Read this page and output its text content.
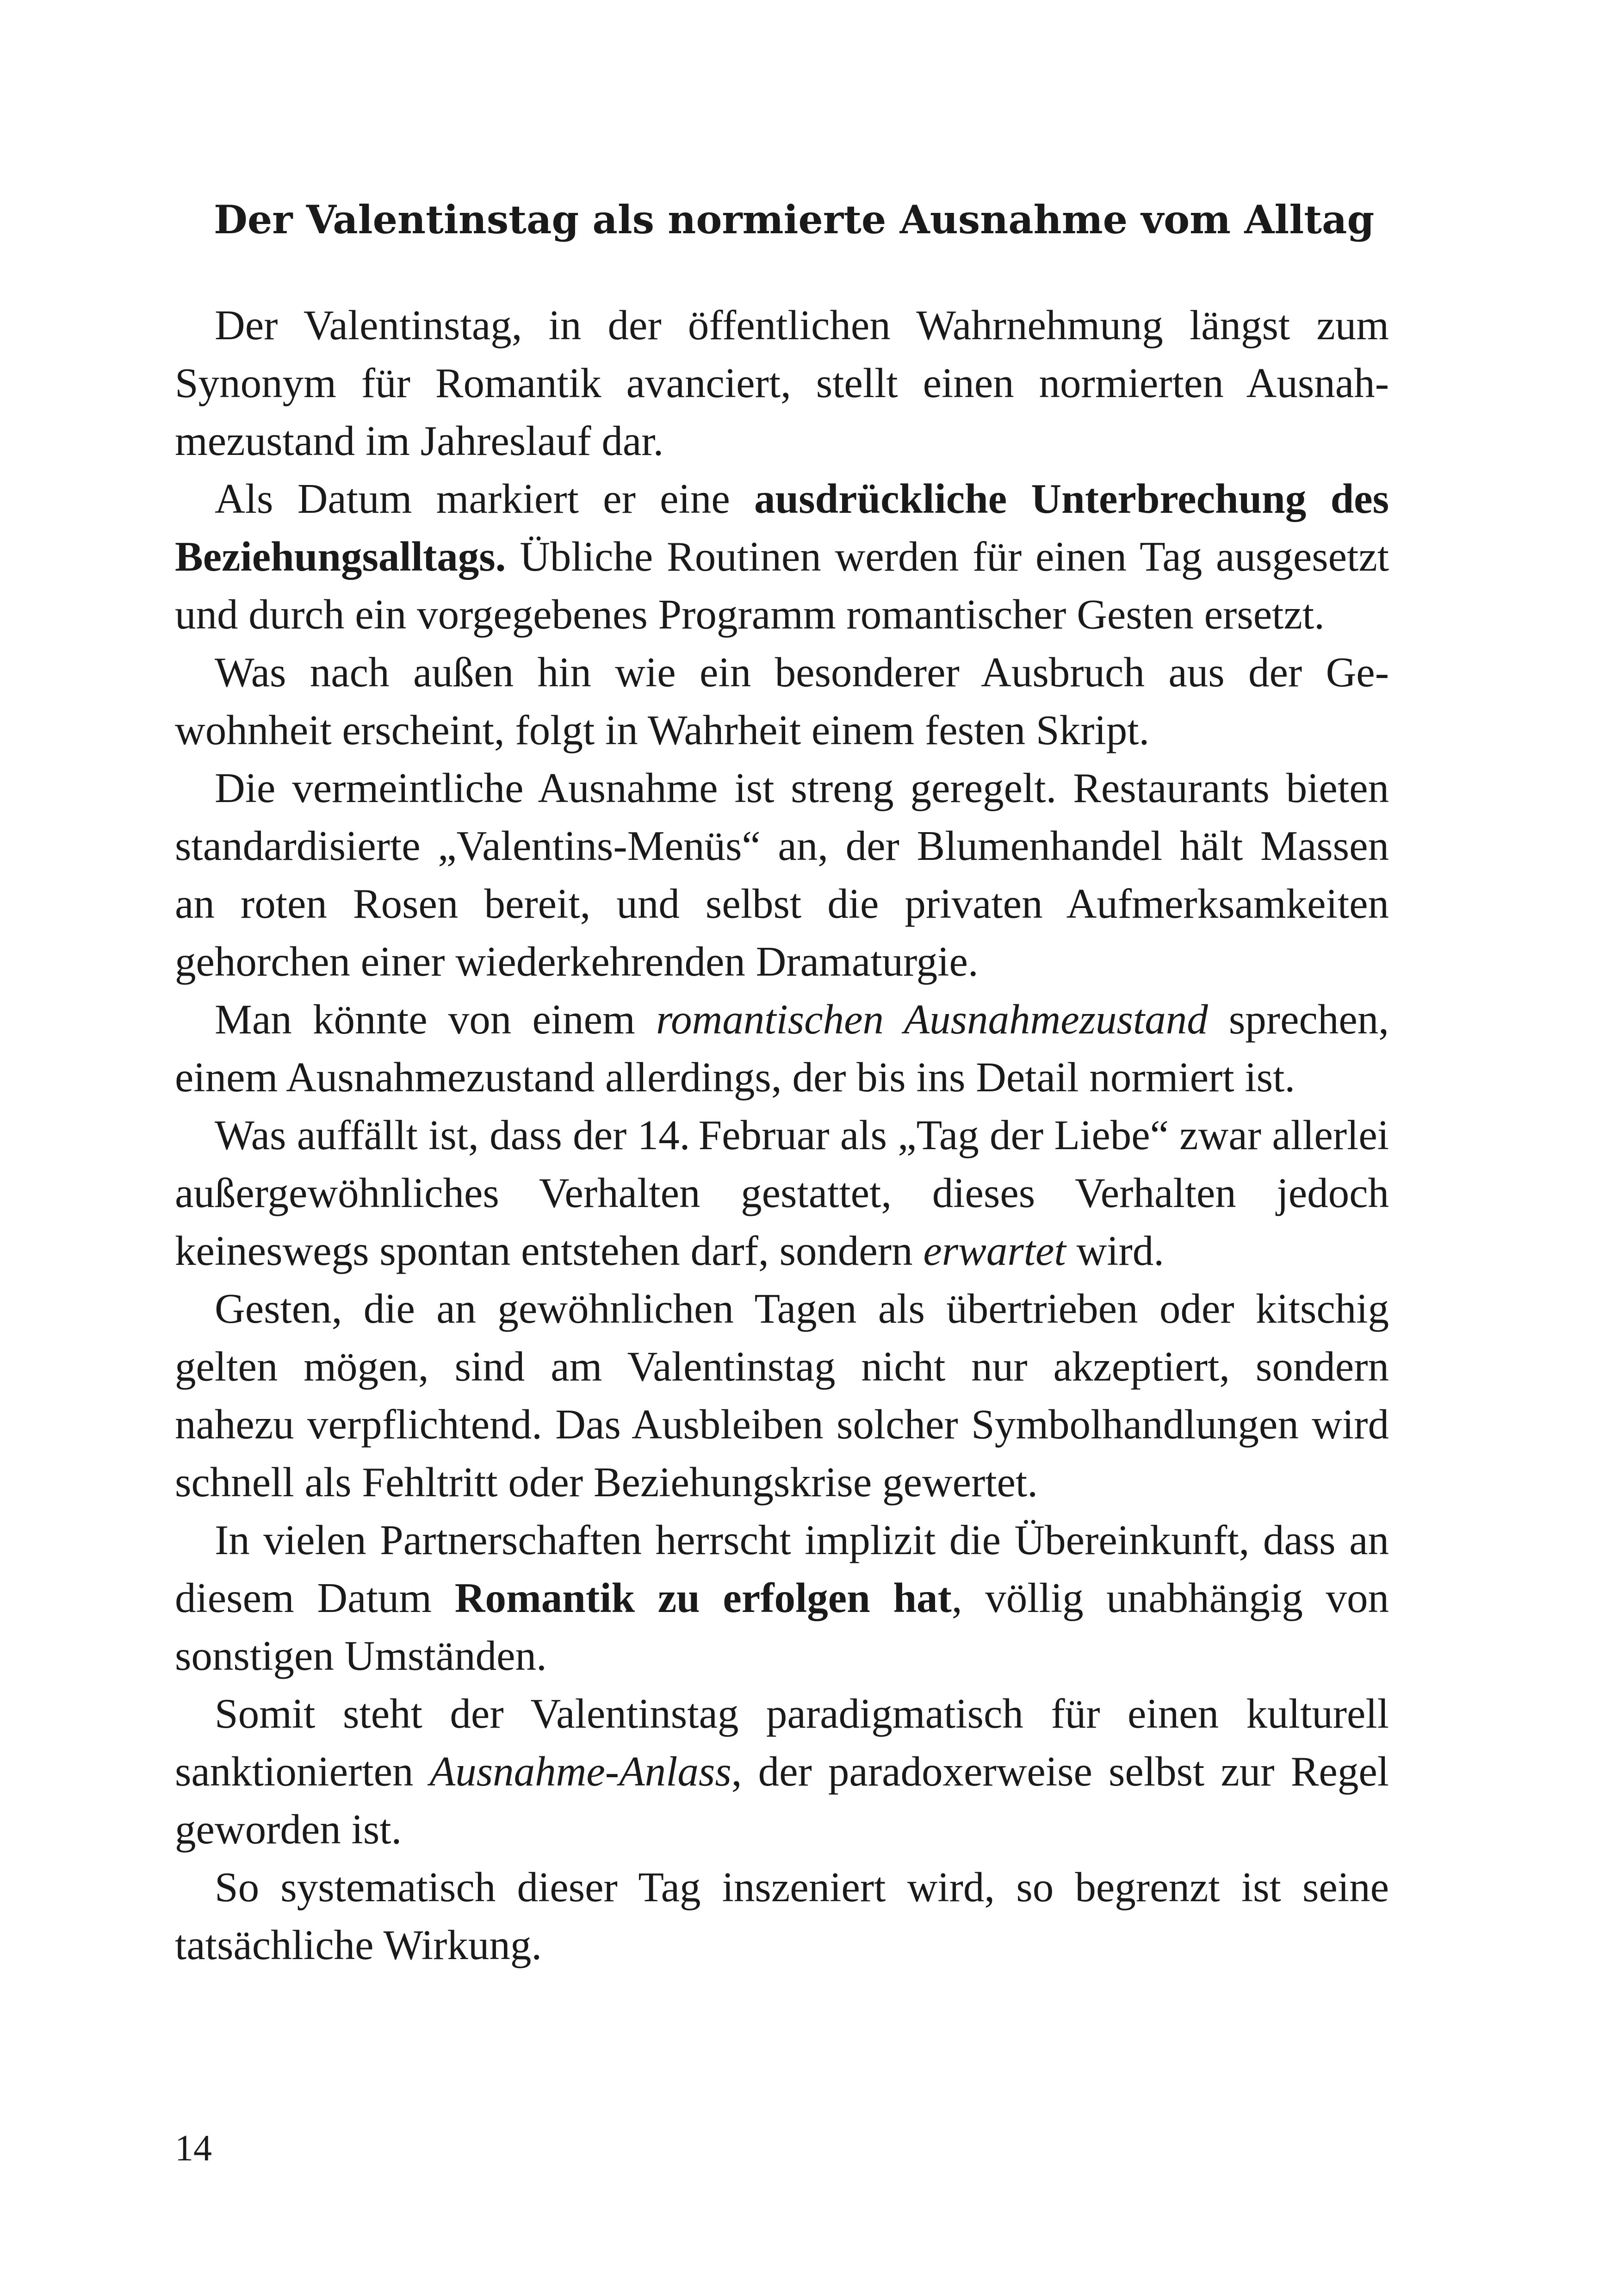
Der Valentinstag als normierte Ausnahme vom Alltag

Der Valentinstag, in der öffentlichen Wahrnehmung längst zum Synonym für Romantik avanciert, stellt einen normierten Ausnahmezustand im Jahreslauf dar.

Als Datum markiert er eine ausdrückliche Unterbrechung des Beziehungsalltags. Übliche Routinen werden für einen Tag ausgesetzt und durch ein vorgegebenes Programm romantischer Gesten ersetzt.

Was nach außen hin wie ein besonderer Ausbruch aus der Gewohnheit erscheint, folgt in Wahrheit einem festen Skript.

Die vermeintliche Ausnahme ist streng geregelt. Restaurants bieten standardisierte „Valentins-Menüs“ an, der Blumenhandel hält Massen an roten Rosen bereit, und selbst die privaten Aufmerksamkeiten gehorchen einer wiederkehrenden Dramaturgie.

Man könnte von einem romantischen Ausnahmezustand sprechen, einem Ausnahmezustand allerdings, der bis ins Detail normiert ist.

Was auffällt ist, dass der 14. Februar als „Tag der Liebe“ zwar allerlei außergewöhnliches Verhalten gestattet, dieses Verhalten jedoch keineswegs spontan entstehen darf, sondern erwartet wird.

Gesten, die an gewöhnlichen Tagen als übertrieben oder kitschig gelten mögen, sind am Valentinstag nicht nur akzeptiert, sondern nahezu verpflichtend. Das Ausbleiben solcher Symbolhandlungen wird schnell als Fehltritt oder Beziehungskrise gewertet.

In vielen Partnerschaften herrscht implizit die Übereinkunft, dass an diesem Datum Romantik zu erfolgen hat, völlig unabhängig von sonstigen Umständen.

Somit steht der Valentinstag paradigmatisch für einen kulturell sanktionierten Ausnahme-Anlass, der paradoxerweise selbst zur Regel geworden ist.

So systematisch dieser Tag inszeniert wird, so begrenzt ist seine tatsächliche Wirkung.

14
